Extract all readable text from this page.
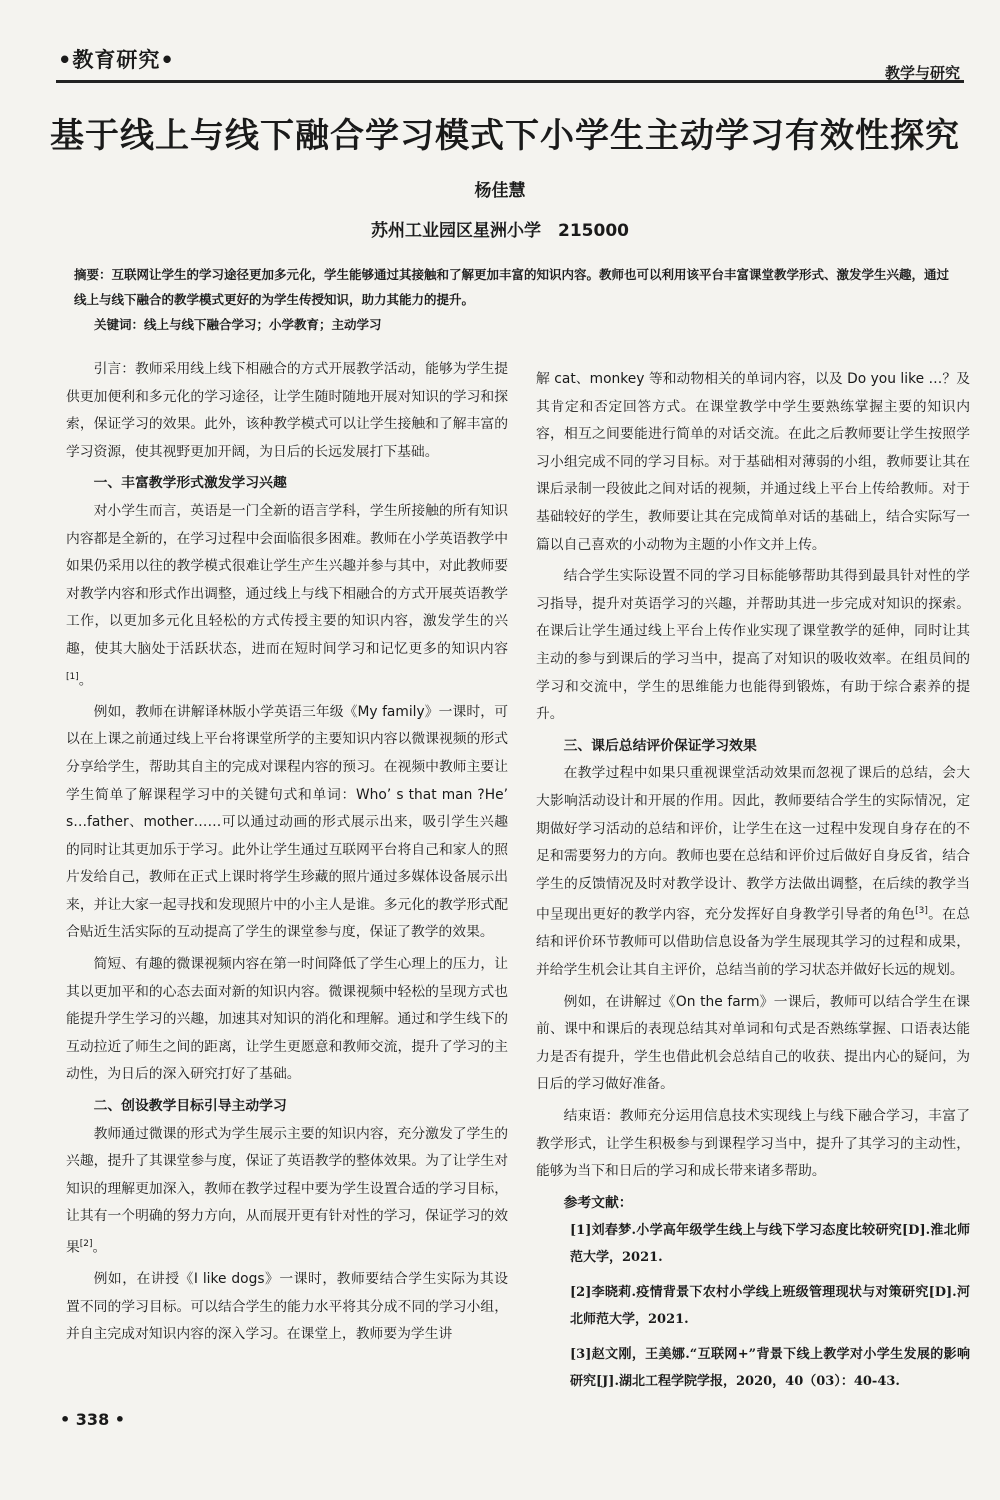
•教育研究•
教学与研究
基于线上与线下融合学习模式下小学生主动学习有效性探究
杨佳慧
苏州工业园区星洲小学　215000
摘要：互联网让学生的学习途径更加多元化，学生能够通过其接触和了解更加丰富的知识内容。教师也可以利用该平台丰富课堂教学形式、激发学生兴趣，通过线上与线下融合的教学模式更好的为学生传授知识，助力其能力的提升。
关键词：线上与线下融合学习；小学教育；主动学习

引言：教师采用线上线下相融合的方式开展教学活动，能够为学生提供更加便利和多元化的学习途径，让学生随时随地开展对知识的学习和探索，保证学习的效果。此外，该种教学模式可以让学生接触和了解丰富的学习资源，使其视野更加开阔，为日后的长远发展打下基础。

一、丰富教学形式激发学习兴趣

对小学生而言，英语是一门全新的语言学科，学生所接触的所有知识内容都是全新的，在学习过程中会面临很多困难。教师在小学英语教学中如果仍采用以往的教学模式很难让学生产生兴趣并参与其中，对此教师要对教学内容和形式作出调整，通过线上与线下相融合的方式开展英语教学工作，以更加多元化且轻松的方式传授主要的知识内容，激发学生的兴趣，使其大脑处于活跃状态，进而在短时间学习和记忆更多的知识内容[1]。

例如，教师在讲解译林版小学英语三年级《My family》一课时，可以在上课之前通过线上平台将课堂所学的主要知识内容以微课视频的形式分享给学生，帮助其自主的完成对课程内容的预习。在视频中教师主要让学生简单了解课程学习中的关键句式和单词：Who’ s that man ?He’ s…father、mother……可以通过动画的形式展示出来，吸引学生兴趣的同时让其更加乐于学习。此外让学生通过互联网平台将自己和家人的照片发给自己，教师在正式上课时将学生珍藏的照片通过多媒体设备展示出来，并让大家一起寻找和发现照片中的小主人是谁。多元化的教学形式配合贴近生活实际的互动提高了学生的课堂参与度，保证了教学的效果。

简短、有趣的微课视频内容在第一时间降低了学生心理上的压力，让其以更加平和的心态去面对新的知识内容。微课视频中轻松的呈现方式也能提升学生学习的兴趣，加速其对知识的消化和理解。通过和学生线下的互动拉近了师生之间的距离，让学生更愿意和教师交流，提升了学习的主动性，为日后的深入研究打好了基础。

二、创设教学目标引导主动学习

教师通过微课的形式为学生展示主要的知识内容，充分激发了学生的兴趣，提升了其课堂参与度，保证了英语教学的整体效果。为了让学生对知识的理解更加深入，教师在教学过程中要为学生设置合适的学习目标，让其有一个明确的努力方向，从而展开更有针对性的学习，保证学习的效果[2]。

例如，在讲授《I like dogs》一课时，教师要结合学生实际为其设置不同的学习目标。可以结合学生的能力水平将其分成不同的学习小组，并自主完成对知识内容的深入学习。在课堂上，教师要为学生讲

解 cat、monkey 等和动物相关的单词内容，以及 Do you like …？及其肯定和否定回答方式。在课堂教学中学生要熟练掌握主要的知识内容，相互之间要能进行简单的对话交流。在此之后教师要让学生按照学习小组完成不同的学习目标。对于基础相对薄弱的小组，教师要让其在课后录制一段彼此之间对话的视频，并通过线上平台上传给教师。对于基础较好的学生，教师要让其在完成简单对话的基础上，结合实际写一篇以自己喜欢的小动物为主题的小作文并上传。

结合学生实际设置不同的学习目标能够帮助其得到最具针对性的学习指导，提升对英语学习的兴趣，并帮助其进一步完成对知识的探索。在课后让学生通过线上平台上传作业实现了课堂教学的延伸，同时让其主动的参与到课后的学习当中，提高了对知识的吸收效率。在组员间的学习和交流中，学生的思维能力也能得到锻炼，有助于综合素养的提升。

三、课后总结评价保证学习效果

在教学过程中如果只重视课堂活动效果而忽视了课后的总结，会大大影响活动设计和开展的作用。因此，教师要结合学生的实际情况，定期做好学习活动的总结和评价，让学生在这一过程中发现自身存在的不足和需要努力的方向。教师也要在总结和评价过后做好自身反省，结合学生的反馈情况及时对教学设计、教学方法做出调整，在后续的教学当中呈现出更好的教学内容，充分发挥好自身教学引导者的角色[3]。在总结和评价环节教师可以借助信息设备为学生展现其学习的过程和成果，并给学生机会让其自主评价，总结当前的学习状态并做好长远的规划。

例如，在讲解过《On the farm》一课后，教师可以结合学生在课前、课中和课后的表现总结其对单词和句式是否熟练掌握、口语表达能力是否有提升，学生也借此机会总结自己的收获、提出内心的疑问，为日后的学习做好准备。

结束语：教师充分运用信息技术实现线上与线下融合学习，丰富了教学形式，让学生积极参与到课程学习当中，提升了其学习的主动性，能够为当下和日后的学习和成长带来诸多帮助。

参考文献：

[1]刘春梦.小学高年级学生线上与线下学习态度比较研究[D].淮北师范大学，2021.

[2]李晓莉.疫情背景下农村小学线上班级管理现状与对策研究[D].河北师范大学，2021.

[3]赵文刚，王美娜.“互联网+”背景下线上教学对小学生发展的影响研究[J].湖北工程学院学报，2020，40（03）：40-43.

• 338 •
